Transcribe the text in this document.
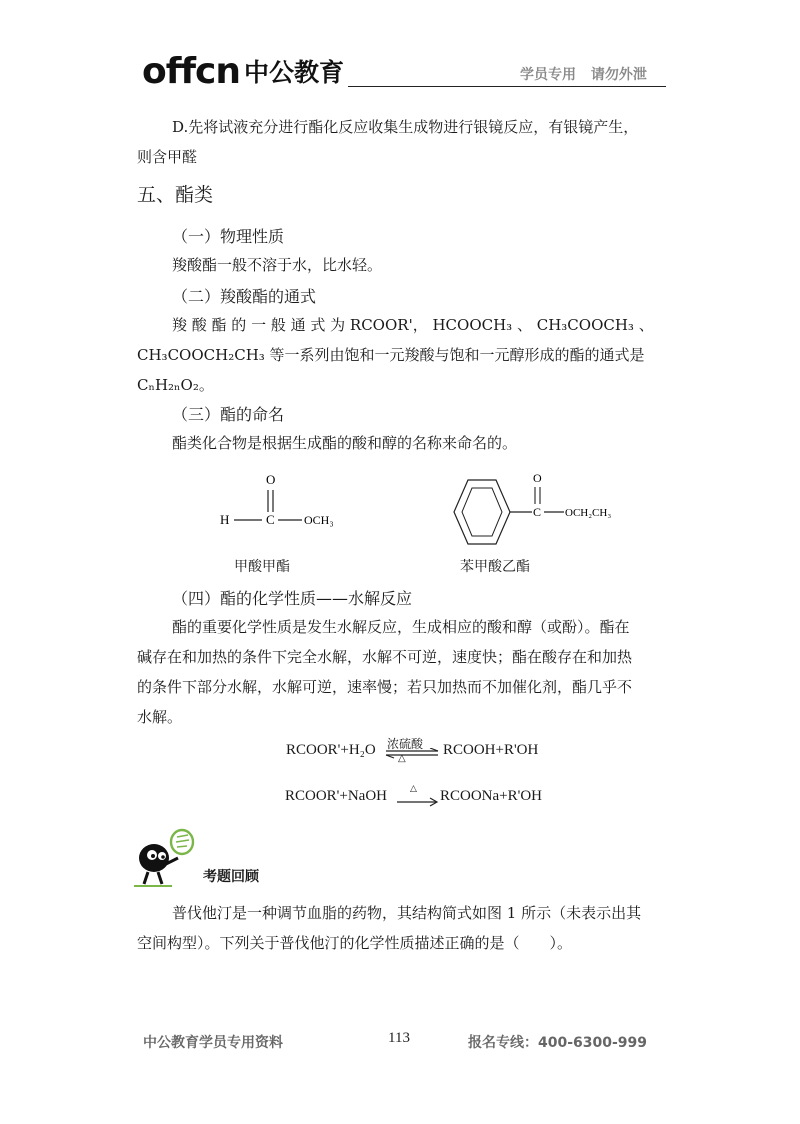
offcn 中公教育	学员专用 请勿外泄
D.先将试液充分进行酯化反应收集生成物进行银镜反应，有银镜产生，
则含甲醛
五、酯类
（一）物理性质
羧酸酯一般不溶于水，比水轻。
（二）羧酸酯的通式
羧 酸 酯 的 一 般 通 式 为 RCOOR'， HCOOCH₃ 、 CH₃COOCH₃ 、
CH₃COOCH₂CH₃ 等一系列由饱和一元羧酸与饱和一元醇形成的酯的通式是
CₙH₂ₙO₂。
（三）酯的命名
酯类化合物是根据生成酯的酸和醇的名称来命名的。
O
H	C OCH₃
C
O
OCH₂CH₃
甲酸甲酯	苯甲酸乙酯
（四）酯的化学性质——水解反应
酯的重要化学性质是发生水解反应，生成相应的酸和醇（或酚）。酯在
碱存在和加热的条件下完全水解，水解不可逆，速度快；酯在酸存在和加热
的条件下部分水解，水解可逆，速率慢；若只加热而不加催化剂，酯几乎不
水解。
RCOOR'+H₂O 浓硫酸
△
RCOOH+R'OH
RCOOR'+NaOH	△ RCOONa+R'OH
考题回顾
普伐他汀是一种调节血脂的药物，其结构简式如图 1 所示（未表示出其
空间构型）。下列关于普伐他汀的化学性质描述正确的是（　　）。
中公教育学员专用资料	113	报名专线：400-6300-999
